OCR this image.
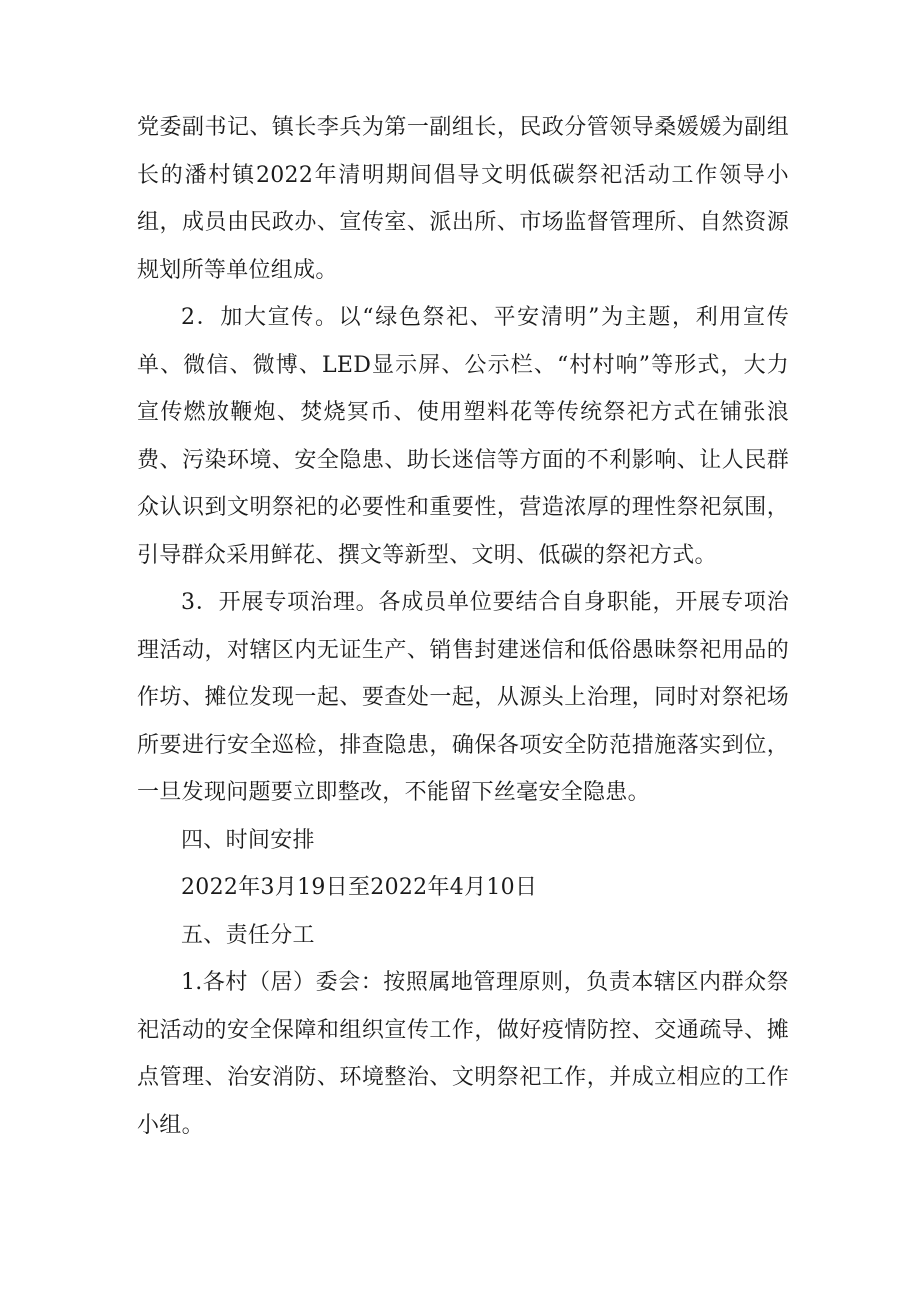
党委副书记、镇长李兵为第一副组长，民政分管领导桑媛媛为副组长的潘村镇2022年清明期间倡导文明低碳祭祀活动工作领导小组，成员由民政办、宣传室、派出所、市场监督管理所、自然资源规划所等单位组成。

2．加大宣传。以“绿色祭祀、平安清明”为主题，利用宣传单、微信、微博、LED显示屏、公示栏、“村村响”等形式，大力宣传燃放鞭炮、焚烧冥币、使用塑料花等传统祭祀方式在铺张浪费、污染环境、安全隐患、助长迷信等方面的不利影响、让人民群众认识到文明祭祀的必要性和重要性，营造浓厚的理性祭祀氛围，引导群众采用鲜花、撰文等新型、文明、低碳的祭祀方式。

3．开展专项治理。各成员单位要结合自身职能，开展专项治理活动，对辖区内无证生产、销售封建迷信和低俗愚昧祭祀用品的作坊、摊位发现一起、要查处一起，从源头上治理，同时对祭祀场所要进行安全巡检，排查隐患，确保各项安全防范措施落实到位，一旦发现问题要立即整改，不能留下丝毫安全隐患。

四、时间安排

2022年3月19日至2022年4月10日

五、责任分工

1.各村（居）委会：按照属地管理原则，负责本辖区内群众祭祀活动的安全保障和组织宣传工作，做好疫情防控、交通疏导、摊点管理、治安消防、环境整治、文明祭祀工作，并成立相应的工作小组。
